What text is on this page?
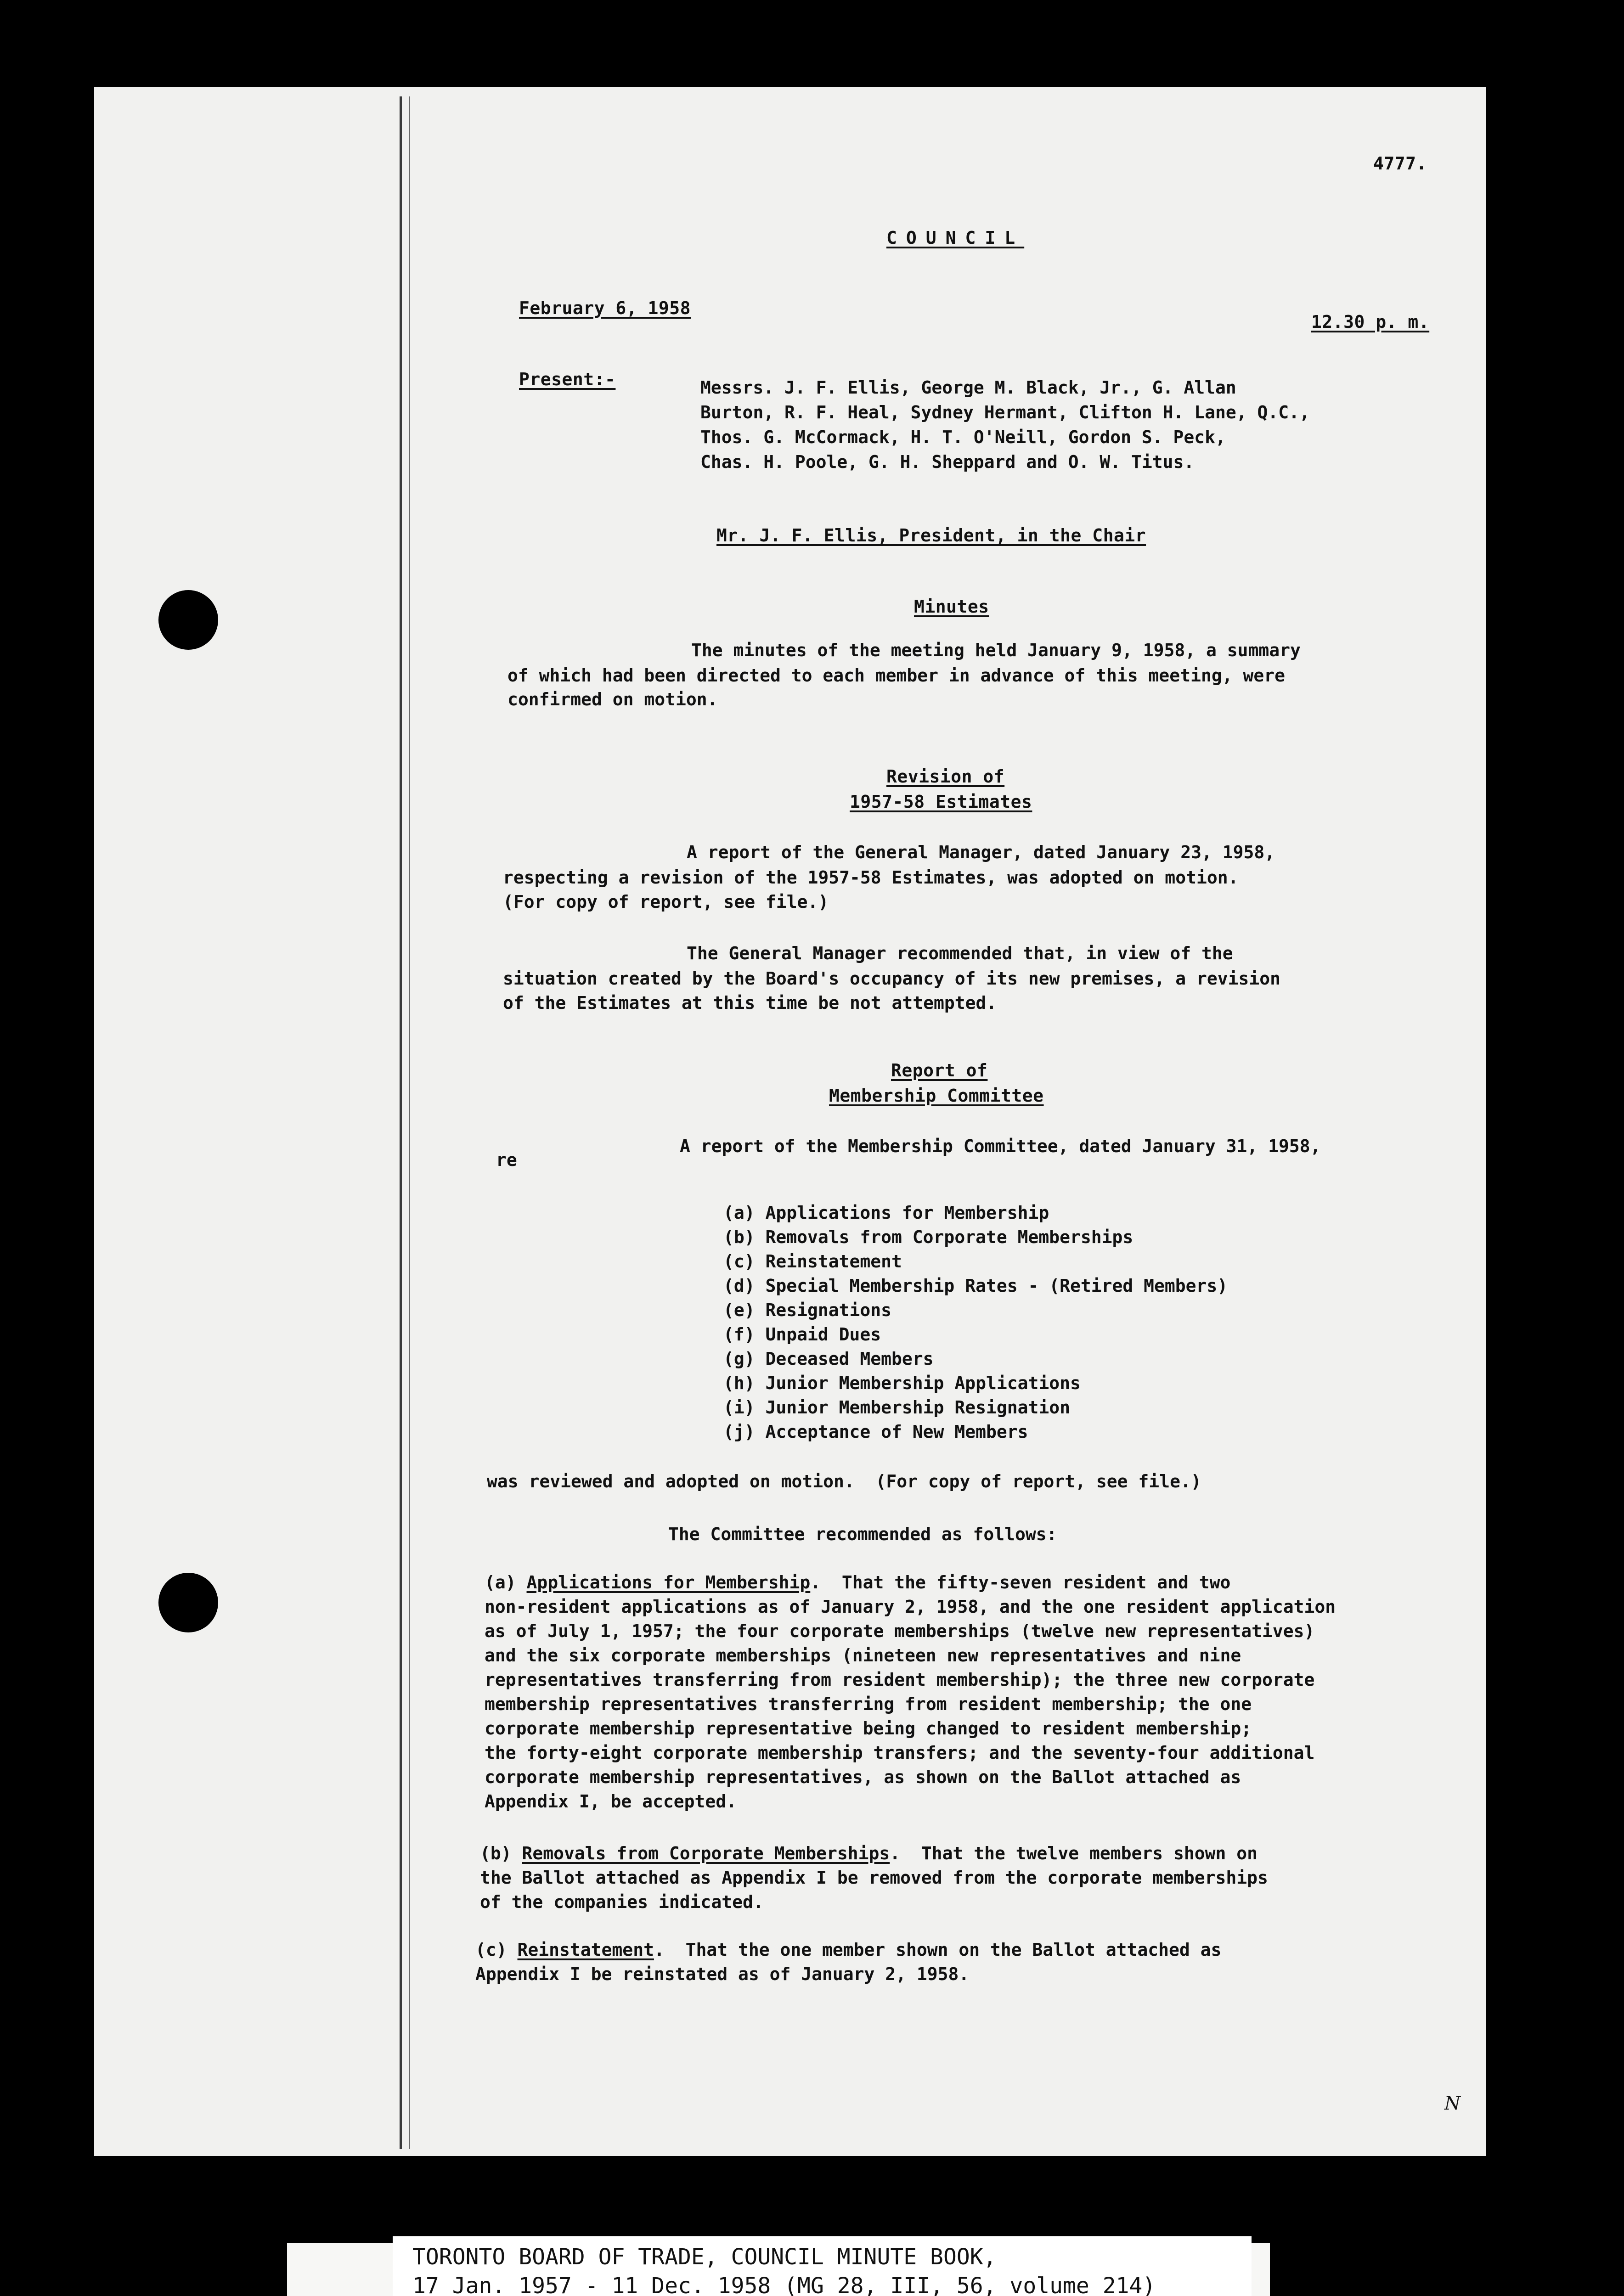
4777.
COUNCIL
February 6, 1958
12.30 p. m.
Present:-	Messrs. J. F. Ellis, George M. Black, Jr., G. Allan
Burton, R. F. Heal, Sydney Hermant, Clifton H. Lane, Q.C.,
Thos. G. McCormack, H. T. O'Neill, Gordon S. Peck,
Chas. H. Poole, G. H. Sheppard and O. W. Titus.
Mr. J. F. Ellis, President, in the Chair
Minutes
The minutes of the meeting held January 9, 1958, a summary
of which had been directed to each member in advance of this meeting, were
confirmed on motion.
Revision of
1957-58 Estimates
A report of the General Manager, dated January 23, 1958,
respecting a revision of the 1957-58 Estimates, was adopted on motion.
(For copy of report, see file.)
The General Manager recommended that, in view of the
situation created by the Board's occupancy of its new premises, a revision
of the Estimates at this time be not attempted.
Report of
Membership Committee
A report of the Membership Committee, dated January 31, 1958,
re
(a) Applications for Membership
(b) Removals from Corporate Memberships
(c) Reinstatement
(d) Special Membership Rates - (Retired Members)
(e) Resignations
(f) Unpaid Dues
(g) Deceased Members
(h) Junior Membership Applications
(i) Junior Membership Resignation
(j) Acceptance of New Members
was reviewed and adopted on motion.  (For copy of report, see file.)
The Committee recommended as follows:
(a) Applications for Membership.  That the fifty-seven resident and two
non-resident applications as of January 2, 1958, and the one resident application
as of July 1, 1957; the four corporate memberships (twelve new representatives)
and the six corporate memberships (nineteen new representatives and nine
representatives transferring from resident membership); the three new corporate
membership representatives transferring from resident membership; the one
corporate membership representative being changed to resident membership;
the forty-eight corporate membership transfers; and the seventy-four additional
corporate membership representatives, as shown on the Ballot attached as
Appendix I, be accepted.
(b) Removals from Corporate Memberships.  That the twelve members shown on
the Ballot attached as Appendix I be removed from the corporate memberships
of the companies indicated.
(c) Reinstatement.  That the one member shown on the Ballot attached as
Appendix I be reinstated as of January 2, 1958.
N
TORONTO BOARD OF TRADE, COUNCIL MINUTE BOOK,
17 Jan. 1957 - 11 Dec. 1958 (MG 28, III, 56, volume 214)
